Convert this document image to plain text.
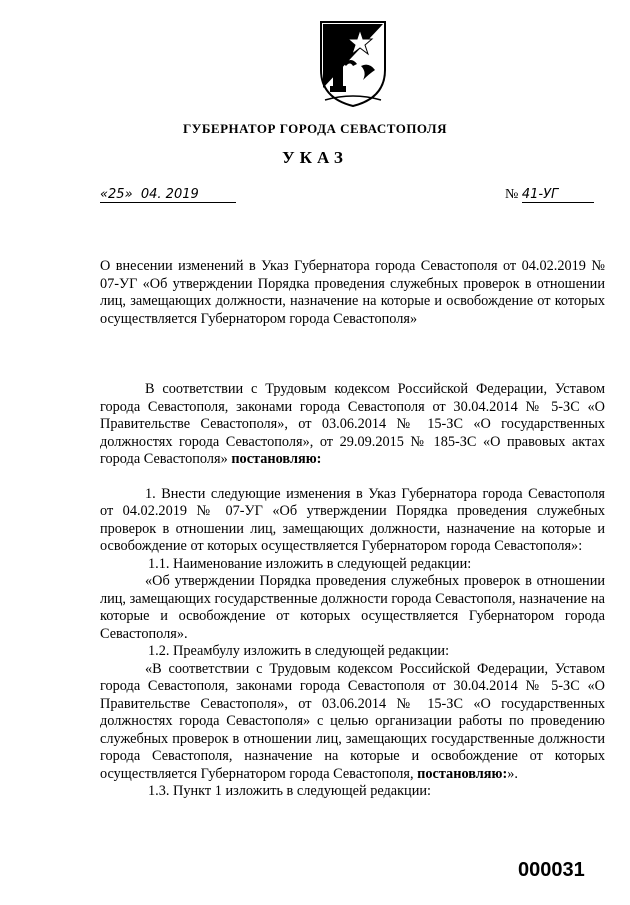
ГУБЕРНАТОР ГОРОДА СЕВАСТОПОЛЯ
УКАЗ
«25» 04. 2019	№ 41-УГ
О внесении изменений в Указ Губернатора города Севастополя от 04.02.2019 № 07-УГ «Об утверждении Порядка проведения служебных проверок в отношении лиц, замещающих должности, назначение на которые и освобождение от которых осуществляется Губернатором города Севастополя»

В соответствии с Трудовым кодексом Российской Федерации, Уставом города Севастополя, законами города Севастополя от 30.04.2014 № 5-ЗС «О Правительстве Севастополя», от 03.06.2014 № 15-ЗС «О государственных должностях города Севастополя», от 29.09.2015 № 185-ЗС «О правовых актах города Севастополя» постановляю:

1. Внести следующие изменения в Указ Губернатора города Севастополя от 04.02.2019 № 07-УГ «Об утверждении Порядка проведения служебных проверок в отношении лиц, замещающих должности, назначение на которые и освобождение от которых осуществляется Губернатором города Севастополя»:

1.1. Наименование изложить в следующей редакции:

«Об утверждении Порядка проведения служебных проверок в отношении лиц, замещающих государственные должности города Севастополя, назначение на которые и освобождение от которых осуществляется Губернатором города Севастополя».

1.2. Преамбулу изложить в следующей редакции:

«В соответствии с Трудовым кодексом Российской Федерации, Уставом города Севастополя, законами города Севастополя от 30.04.2014 № 5-ЗС «О Правительстве Севастополя», от 03.06.2014 № 15-ЗС «О государственных должностях города Севастополя» с целью организации работы по проведению служебных проверок в отношении лиц, замещающих государственные должности города Севастополя, назначение на которые и освобождение от которых осуществляется Губернатором города Севастополя, постановляю:».

1.3. Пункт 1 изложить в следующей редакции:

000031
